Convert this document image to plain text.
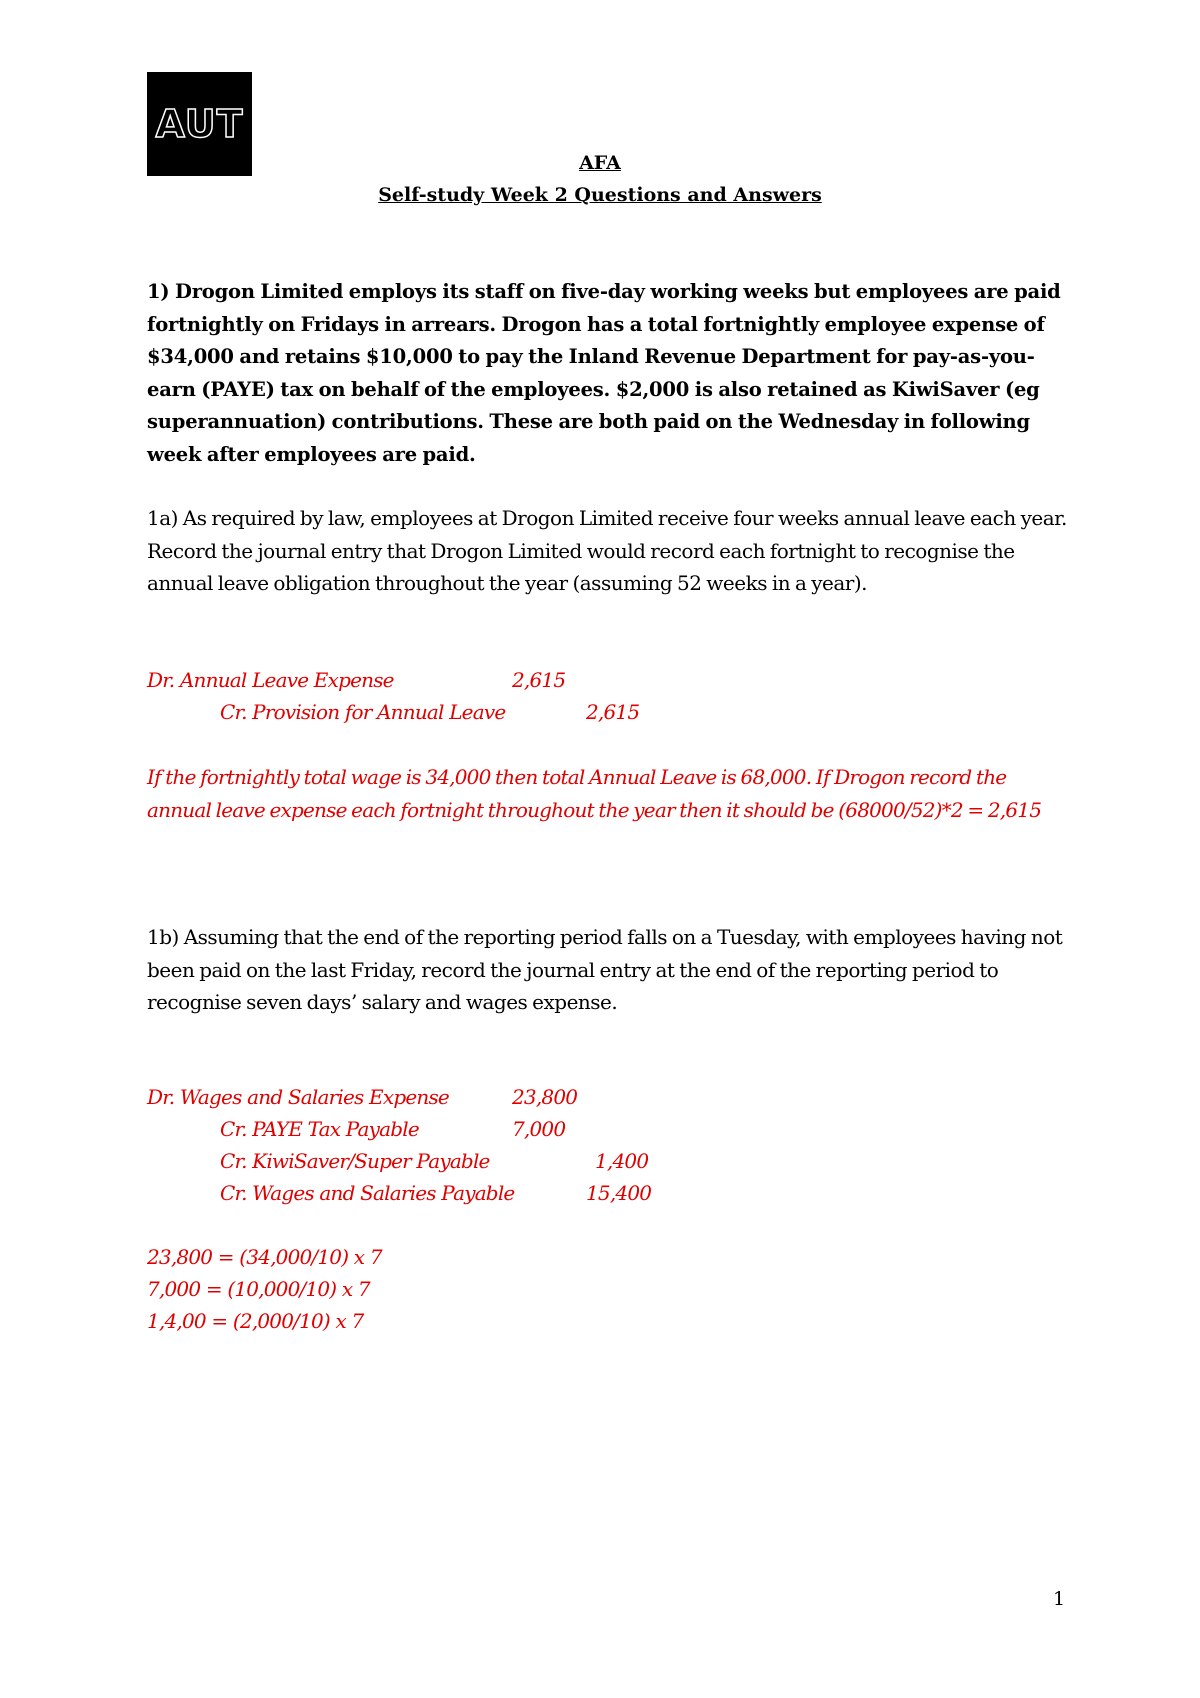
AUT
AFA
Self-study Week 2 Questions and Answers

1) Drogon Limited employs its staff on five-day working weeks but employees are paid fortnightly on Fridays in arrears. Drogon has a total fortnightly employee expense of $34,000 and retains $10,000 to pay the Inland Revenue Department for pay-as-you-earn (PAYE) tax on behalf of the employees. $2,000 is also retained as KiwiSaver (eg superannuation) contributions. These are both paid on the Wednesday in following week after employees are paid.

1a) As required by law, employees at Drogon Limited receive four weeks annual leave each year. Record the journal entry that Drogon Limited would record each fortnight to recognise the annual leave obligation throughout the year (assuming 52 weeks in a year).

Dr. Annual Leave Expense	2,615
Cr. Provision for Annual Leave	2,615

If the fortnightly total wage is 34,000 then total Annual Leave is 68,000. If Drogon record the annual leave expense each fortnight throughout the year then it should be (68000/52)*2 = 2,615

1b) Assuming that the end of the reporting period falls on a Tuesday, with employees having not been paid on the last Friday, record the journal entry at the end of the reporting period to recognise seven days’ salary and wages expense.

Dr. Wages and Salaries Expense	23,800
Cr. PAYE Tax Payable	7,000
Cr. KiwiSaver/Super Payable	1,400
Cr. Wages and Salaries Payable	15,400
23,800 = (34,000/10) x 7
7,000 = (10,000/10) x 7
1,4,00 = (2,000/10) x 7
1
